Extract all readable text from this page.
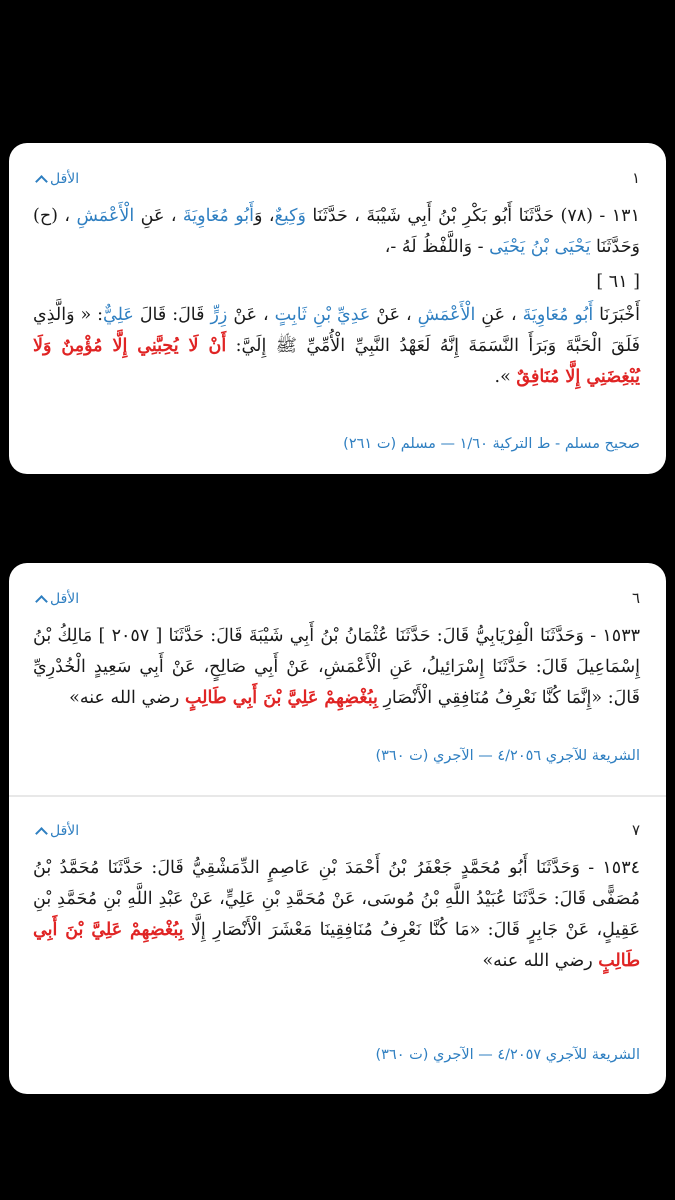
١
الأقل

١٣١ - (٧٨) حَدَّثَنَا أَبُو بَكْرِ بْنُ أَبِي شَيْبَةَ ، حَدَّثَنَا وَكِيعٌ، وَأَبُو مُعَاوِيَةَ ، عَنِ الْأَعْمَشِ ، (ح) وَحَدَّثَنَا يَحْيَى بْنُ يَحْيَى - وَاللَّفْظُ لَهُ -،

[ ٦١ ]

أَخْبَرَنَا أَبُو مُعَاوِيَةَ ، عَنِ الْأَعْمَشِ ، عَنْ عَدِيِّ بْنِ ثَابِتٍ ، عَنْ زِرٍّ قَالَ: قَالَ عَلِيٌّ: « وَالَّذِي فَلَقَ الْحَبَّةَ وَبَرَأَ النَّسَمَةَ إِنَّهُ لَعَهْدُ النَّبِيِّ الْأُمِّيِّ ﷺ إِلَيَّ: أَنْ لَا يُحِبَّنِي إِلَّا مُؤْمِنٌ وَلَا يُبْغِضَنِي إِلَّا مُنَافِقٌ ».

صحيح مسلم - ط التركية ١/٦٠ — مسلم (ت ٢٦١)
٦
الأقل

١٥٣٣ - وَحَدَّثَنَا الْفِرْيَابِيُّ قَالَ: حَدَّثَنَا عُثْمَانُ بْنُ أَبِي شَيْبَةَ قَالَ: حَدَّثَنَا [ ٢٠٥٧ ] مَالِكُ بْنُ إِسْمَاعِيلَ قَالَ: حَدَّثَنَا إِسْرَائِيلُ، عَنِ الْأَعْمَشِ، عَنْ أَبِي صَالِحٍ، عَنْ أَبِي سَعِيدٍ الْخُدْرِيِّ قَالَ: «إِنَّمَا كُنَّا نَعْرِفُ مُنَافِقِي الْأَنْصَارِ بِبُغْضِهِمْ عَلِيَّ بْنَ أَبِي طَالِبٍ رضي الله عنه»

الشريعة للآجري ٤/٢٠٥٦ — الآجري (ت ٣٦٠)
٧
الأقل

١٥٣٤ - وَحَدَّثَنَا أَبُو مُحَمَّدٍ جَعْفَرُ بْنُ أَحْمَدَ بْنِ عَاصِمٍ الدِّمَشْقِيُّ قَالَ: حَدَّثَنَا مُحَمَّدُ بْنُ مُصَفًّى قَالَ: حَدَّثَنَا عُبَيْدُ اللَّهِ بْنُ مُوسَى، عَنْ مُحَمَّدِ بْنِ عَلِيٍّ، عَنْ عَبْدِ اللَّهِ بْنِ مُحَمَّدِ بْنِ عَقِيلٍ، عَنْ جَابِرٍ قَالَ: «مَا كُنَّا نَعْرِفُ مُنَافِقِينَا مَعْشَرَ الْأَنْصَارِ إِلَّا بِبُغْضِهِمْ عَلِيَّ بْنَ أَبِي طَالِبٍ رضي الله عنه»

الشريعة للآجري ٤/٢٠٥٧ — الآجري (ت ٣٦٠)
